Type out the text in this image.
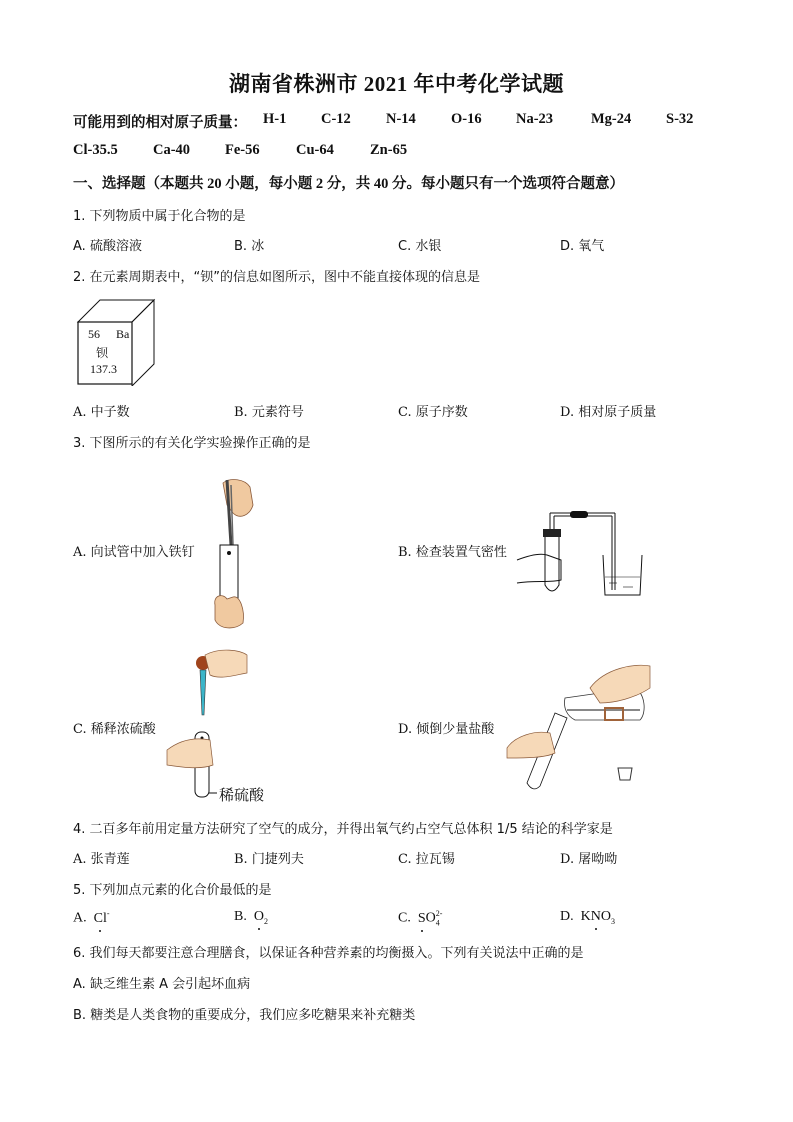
湖南省株洲市 2021 年中考化学试题
可能用到的相对原子质量： H-1 C-12 N-14 O-16 Na-23	Mg-24 S-32
Cl-35.5 Ca-40 Fe-56	Cu-64 Zn-65
一、选择题（本题共 20 小题，每小题 2 分，共 40 分。每小题只有一个选项符合题意）
1. 下列物质中属于化合物的是
A. 硫酸溶液	B. 冰	C. 水银	D. 氧气
2. 在元素周期表中，“钡”的信息如图所示，图中不能直接体现的信息是
56 Ba
钡
137.3
A. 中子数	B. 元素符号	C. 原子序数	D. 相对原子质量
3. 下图所示的有关化学实验操作正确的是
A. 向试管中加入铁钉	B. 检查装置气密性
C. 稀释浓硫酸
稀硫酸
D. 倾倒少量盐酸
4. 二百多年前用定量方法研究了空气的成分，并得出氧气约占空气总体积 1/5 结论的科学家是
A. 张青莲	B. 门捷列夫	C. 拉瓦锡	D. 屠呦呦
5. 下列加点元素的化合价最低的是
A. Cl-	B. $O_2$	C. $SO_4^{2-}$	D. $KNO_3$
6. 我们每天都要注意合理膳食，以保证各种营养素的均衡摄入。下列有关说法中正确的是
A. 缺乏维生素 A 会引起坏血病
B. 糖类是人类食物的重要成分，我们应多吃糖果来补充糖类
